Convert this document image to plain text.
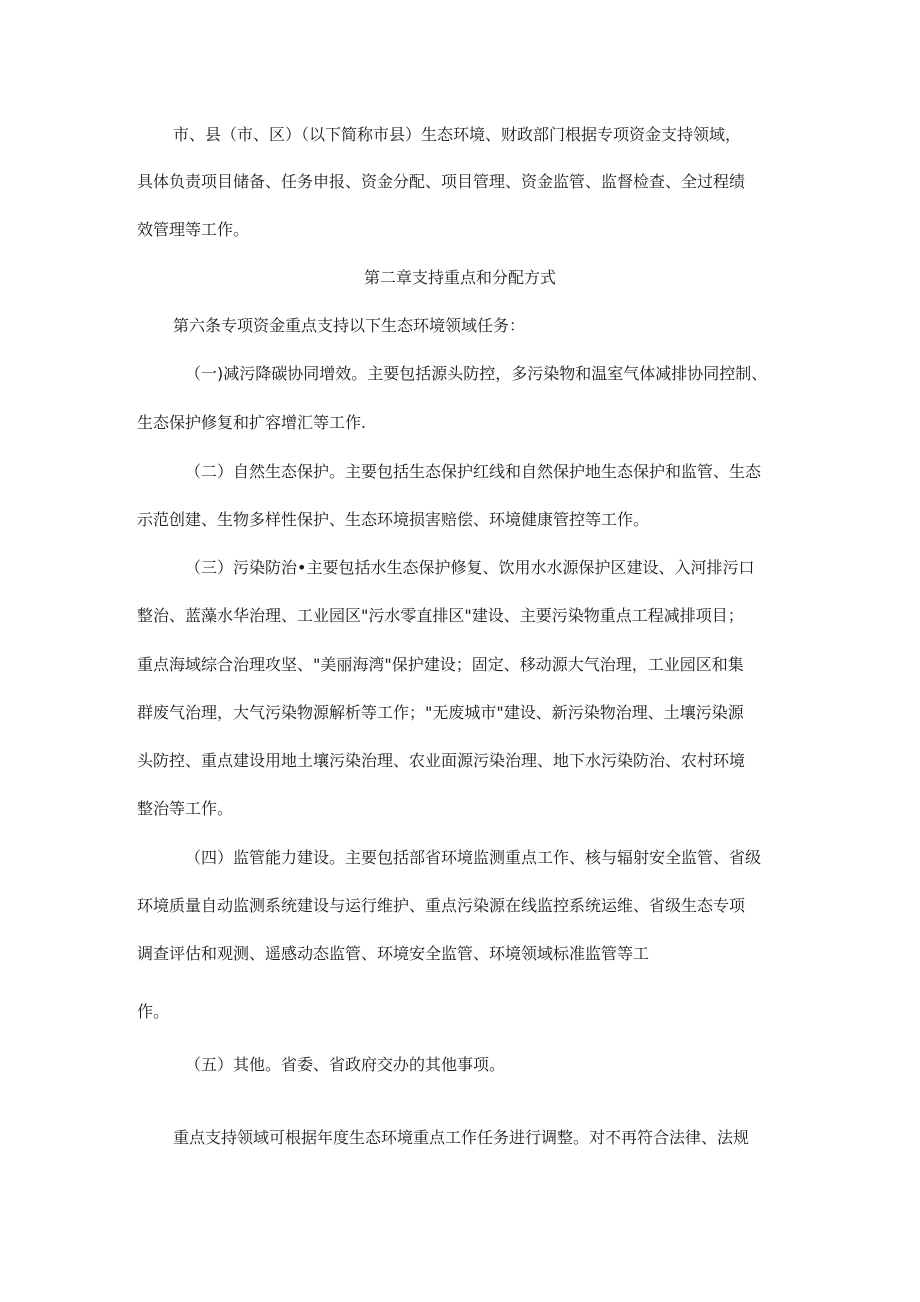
市、县（市、区）（以下简称市县）生态环境、财政部门根据专项资金支持领域，
具体负责项目储备、任务申报、资金分配、项目管理、资金监管、监督检查、全过程绩
效管理等工作。
第二章支持重点和分配方式
第六条专项资金重点支持以下生态环境领域任务：
（一)减污降碳协同增效。主要包括源头防控，多污染物和温室气体减排协同控制、
生态保护修复和扩容增汇等工作.
（二）自然生态保护。主要包括生态保护红线和自然保护地生态保护和监管、生态
示范创建、生物多样性保护、生态环境损害赔偿、环境健康管控等工作。
（三）污染防治•主要包括水生态保护修复、饮用水水源保护区建设、入河排污口
整治、蓝藻水华治理、工业园区"污水零直排区"建设、主要污染物重点工程减排项目；
重点海域综合治理攻坚、"美丽海湾"保护建设；固定、移动源大气治理，工业园区和集
群废气治理，大气污染物源解析等工作；"无废城市"建设、新污染物治理、土壤污染源
头防控、重点建设用地土壤污染治理、农业面源污染治理、地下水污染防治、农村环境
整治等工作。
（四）监管能力建设。主要包括部省环境监测重点工作、核与辐射安全监管、省级
环境质量自动监测系统建设与运行维护、重点污染源在线监控系统运维、省级生态专项
调查评估和观测、遥感动态监管、环境安全监管、环境领域标准监管等工
作。
（五）其他。省委、省政府交办的其他事项。
重点支持领域可根据年度生态环境重点工作任务进行调整。对不再符合法律、法规
